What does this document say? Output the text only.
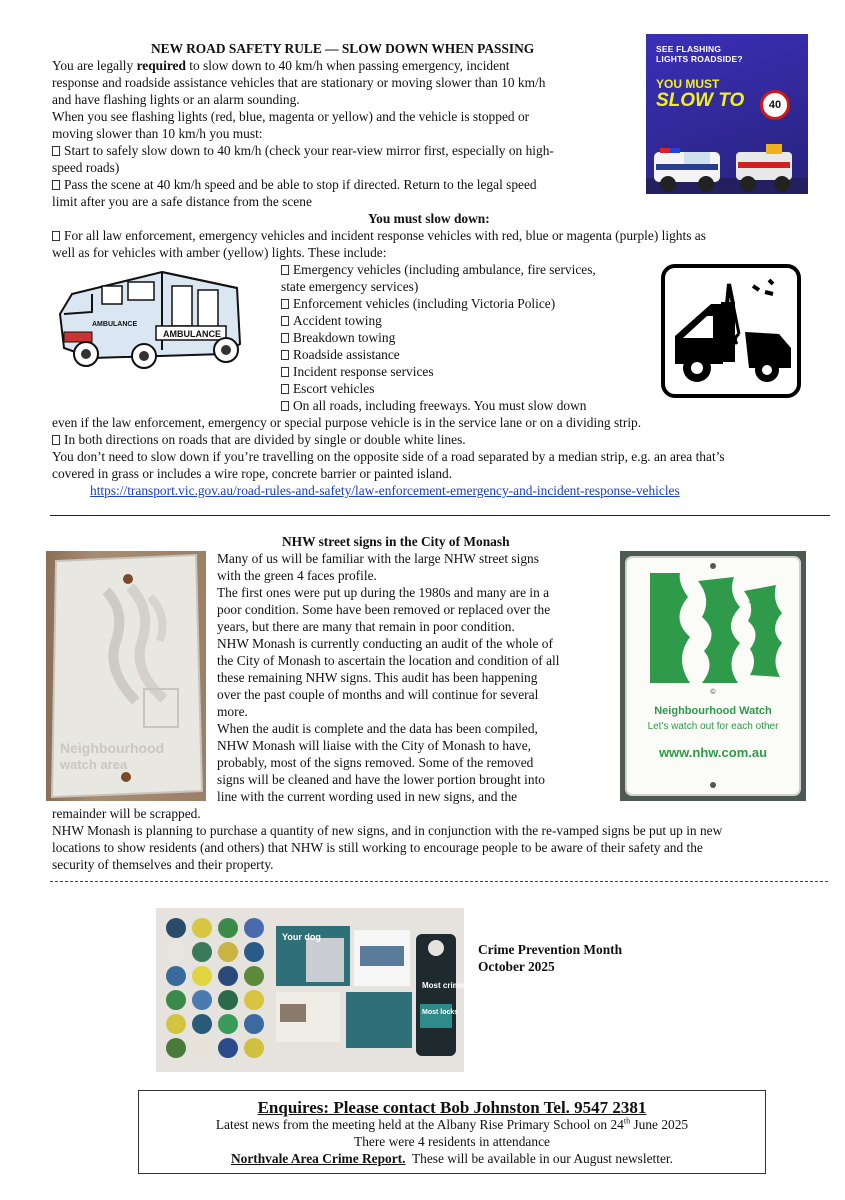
NEW ROAD SAFETY RULE — SLOW DOWN WHEN PASSING
You are legally required to slow down to 40 km/h when passing emergency, incident
response and roadside assistance vehicles that are stationary or moving slower than 10 km/h
and have flashing lights or an alarm sounding.
When you see flashing lights (red, blue, magenta or yellow) and the vehicle is stopped or
moving slower than 10 km/h you must:
Start to safely slow down to 40 km/h (check your rear-view mirror first, especially on high-
speed roads)
Pass the scene at 40 km/h speed and be able to stop if directed. Return to the legal speed
limit after you are a safe distance from the scene
You must slow down:
For all law enforcement, emergency vehicles and incident response vehicles with red, blue or magenta (purple) lights as
well as for vehicles with amber (yellow) lights. These include:
Emergency vehicles (including ambulance, fire services,
state emergency services)
Enforcement vehicles (including Victoria Police)
Accident towing
Breakdown towing
Roadside assistance
Incident response services
Escort vehicles
On all roads, including freeways. You must slow down
even if the law enforcement, emergency or special purpose vehicle is in the service lane or on a dividing strip.
In both directions on roads that are divided by single or double white lines.
You don’t need to slow down if you’re travelling on the opposite side of a road separated by a median strip, e.g. an area that’s
covered in grass or includes a wire rope, concrete barrier or painted island.
https://transport.vic.gov.au/road-rules-and-safety/law-enforcement-emergency-and-incident-response-vehicles
SEE FLASHING
LIGHTS ROADSIDE?
YOU MUST
SLOW TO	40
AMBULANCE
AMBULANCE
NHW street signs in the City of Monash
Many of us will be familiar with the large NHW street signs
with the green 4 faces profile.
The first ones were put up during the 1980s and many are in a
poor condition. Some have been removed or replaced over the
years, but there are many that remain in poor condition.
NHW Monash is currently conducting an audit of the whole of
the City of Monash to ascertain the location and condition of all
these remaining NHW signs. This audit has been happening
over the past couple of months and will continue for several
more.
When the audit is complete and the data has been compiled,
NHW Monash will liaise with the City of Monash to have,
probably, most of the signs removed. Some of the removed
signs will be cleaned and have the lower portion brought into
line with the current wording used in new signs, and the
remainder will be scrapped.
NHW Monash is planning to purchase a quantity of new signs, and in conjunction with the re-vamped signs be put up in new
locations to show residents (and others) that NHW is still working to encourage people to be aware of their safety and the
security of themselves and their property.
Neighbourhood
watch area
©
Neighbourhood Watch
Let's watch out for each other
www.nhw.com.au
Your dog
Most crimes
Most locks
Crime Prevention Month
October 2025
Enquires: Please contact Bob Johnston Tel. 9547 2381
Latest news from the meeting held at the Albany Rise Primary School on 24th June 2025
There were 4 residents in attendance
Northvale Area Crime Report.  These will be available in our August newsletter.
